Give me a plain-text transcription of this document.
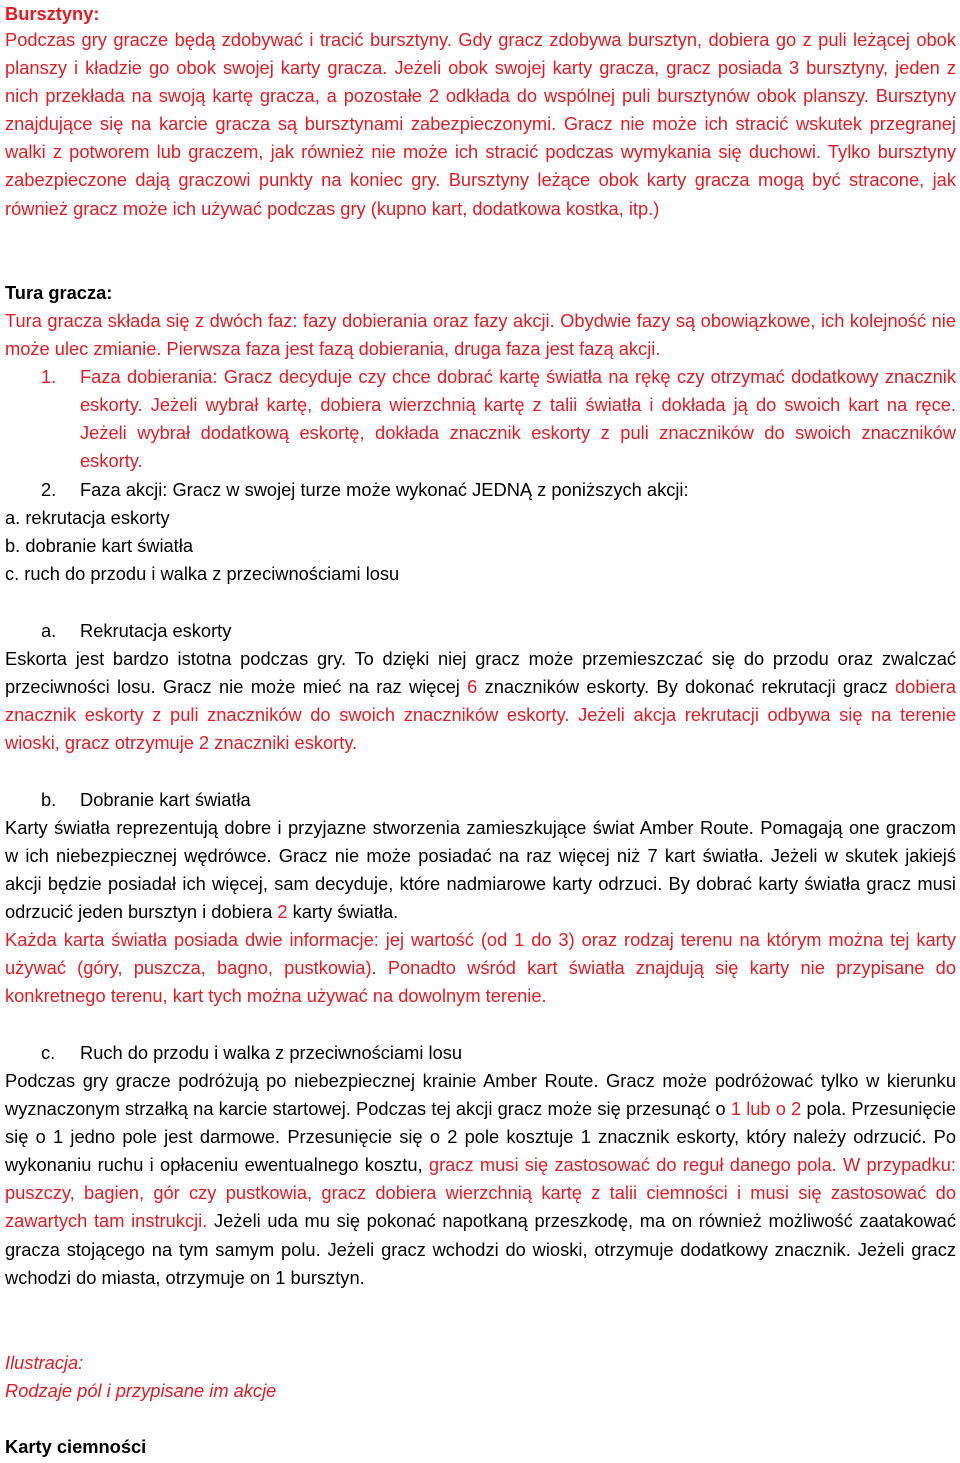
Bursztyny:
Podczas gry gracze będą zdobywać i tracić bursztyny. Gdy gracz zdobywa bursztyn, dobiera go z puli leżącej obok planszy i kładzie go obok swojej karty gracza. Jeżeli obok swojej karty gracza, gracz posiada 3 bursztyny, jeden z nich przekłada na swoją kartę gracza, a pozostałe 2 odkłada do wspólnej puli bursztynów obok planszy. Bursztyny znajdujące się na karcie gracza są bursztynami zabezpieczonymi. Gracz nie może ich stracić wskutek przegranej walki z potworem lub graczem, jak również nie może ich stracić podczas wymykania się duchowi. Tylko bursztyny zabezpieczone dają graczowi punkty na koniec gry. Bursztyny leżące obok karty gracza mogą być stracone, jak również gracz może ich używać podczas gry (kupno kart, dodatkowa kostka, itp.)
Tura gracza:
Tura gracza składa się z dwóch faz: fazy dobierania oraz fazy akcji. Obydwie fazy są obowiązkowe, ich kolejność nie może ulec zmianie. Pierwsza faza jest fazą dobierania, druga faza jest fazą akcji.
1. Faza dobierania: Gracz decyduje czy chce dobrać kartę światła na rękę czy otrzymać dodatkowy znacznik eskorty. Jeżeli wybrał kartę, dobiera wierzchnią kartę z talii światła i dokłada ją do swoich kart na ręce. Jeżeli wybrał dodatkową eskortę, dokłada znacznik eskorty z puli znaczników do swoich znaczników eskorty.
2. Faza akcji: Gracz w swojej turze może wykonać JEDNĄ z poniższych akcji:
a. rekrutacja eskorty
b. dobranie kart światła
c. ruch do przodu i walka z przeciwnościami losu
a. Rekrutacja eskorty
Eskorta jest bardzo istotna podczas gry. To dzięki niej gracz może przemieszczać się do przodu oraz zwalczać przeciwności losu. Gracz nie może mieć na raz więcej 6 znaczników eskorty. By dokonać rekrutacji gracz dobiera znacznik eskorty z puli znaczników do swoich znaczników eskorty. Jeżeli akcja rekrutacji odbywa się na terenie wioski, gracz otrzymuje 2 znaczniki eskorty.
b. Dobranie kart światła
Karty światła reprezentują dobre i przyjazne stworzenia zamieszkujące świat Amber Route. Pomagają one graczom w ich niebezpiecznej wędrówce. Gracz nie może posiadać na raz więcej niż 7 kart światła. Jeżeli w skutek jakiejś akcji będzie posiadał ich więcej, sam decyduje, które nadmiarowe karty odrzuci. By dobrać karty światła gracz musi odrzucić jeden bursztyn i dobiera 2 karty światła.
Każda karta światła posiada dwie informacje: jej wartość (od 1 do 3) oraz rodzaj terenu na którym można tej karty używać (góry, puszcza, bagno, pustkowia). Ponadto wśród kart światła znajdują się karty nie przypisane do konkretnego terenu, kart tych można używać na dowolnym terenie.
c. Ruch do przodu i walka z przeciwnościami losu
Podczas gry gracze podróżują po niebezpiecznej krainie Amber Route. Gracz może podróżować tylko w kierunku wyznaczonym strzałką na karcie startowej. Podczas tej akcji gracz może się przesunąć o 1 lub o 2 pola. Przesunięcie się o 1 jedno pole jest darmowe. Przesunięcie się o 2 pole kosztuje 1 znacznik eskorty, który należy odrzucić. Po wykonaniu ruchu i opłaceniu ewentualnego kosztu, gracz musi się zastosować do reguł danego pola. W przypadku: puszczy, bagien, gór czy pustkowia, gracz dobiera wierzchnią kartę z talii ciemności i musi się zastosować do zawartych tam instrukcji. Jeżeli uda mu się pokonać napotkaną przeszkodę, ma on również możliwość zaatakować gracza stojącego na tym samym polu. Jeżeli gracz wchodzi do wioski, otrzymuje dodatkowy znacznik. Jeżeli gracz wchodzi do miasta, otrzymuje on 1 bursztyn.
Ilustracja:
Rodzaje pól i przypisane im akcje
Karty ciemności
